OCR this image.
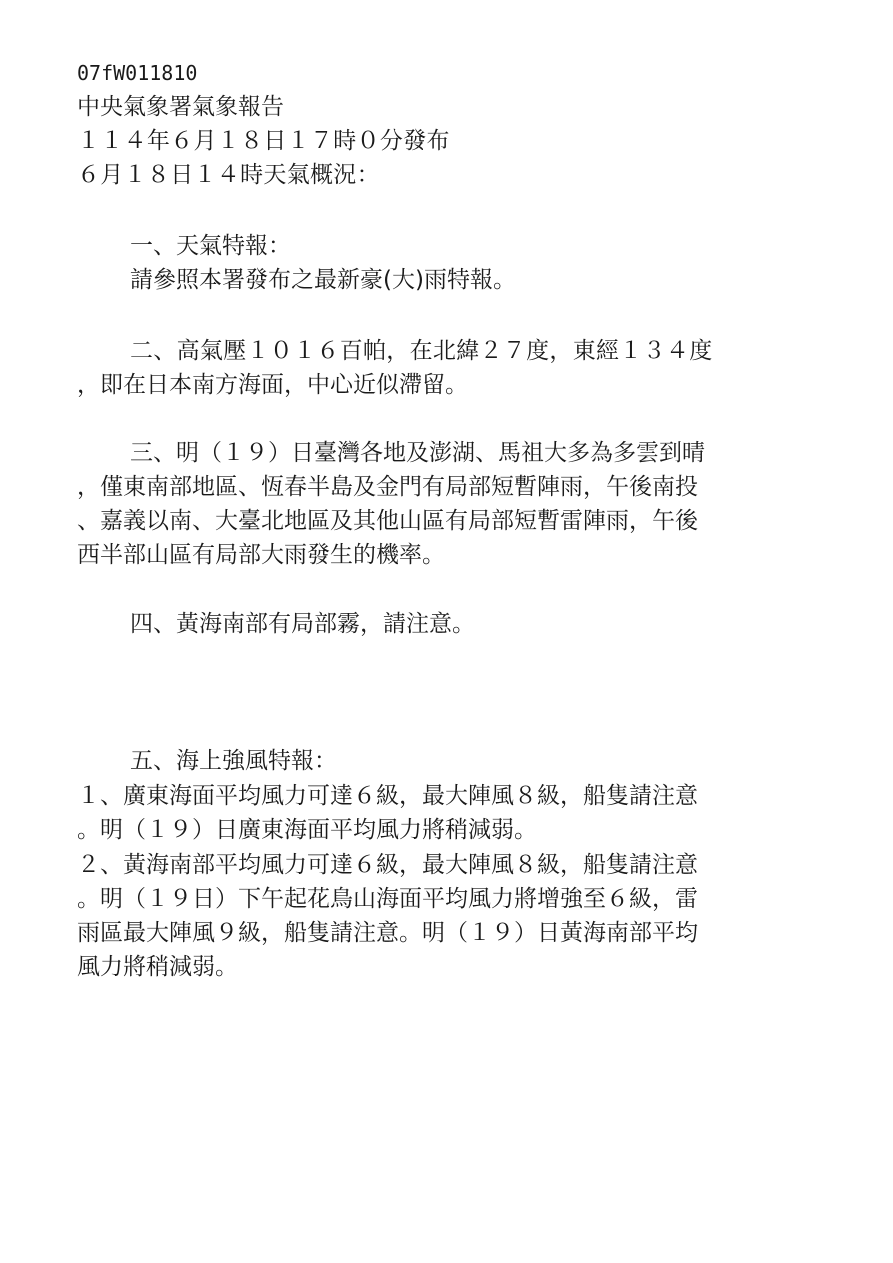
07fW011810
中央氣象署氣象報告
１１４年６月１８日１７時０分發布
６月１８日１４時天氣概況：
一、天氣特報：
請參照本署發布之最新豪(大)雨特報。
二、高氣壓１０１６百帕，在北緯２７度，東經１３４度
，即在日本南方海面，中心近似滯留。
三、明（１９）日臺灣各地及澎湖、馬祖大多為多雲到晴
，僅東南部地區、恆春半島及金門有局部短暫陣雨，午後南投
、嘉義以南、大臺北地區及其他山區有局部短暫雷陣雨，午後
西半部山區有局部大雨發生的機率。
四、黃海南部有局部霧，請注意。
五、海上強風特報：
１、廣東海面平均風力可達６級，最大陣風８級，船隻請注意
。明（１９）日廣東海面平均風力將稍減弱。
２、黃海南部平均風力可達６級，最大陣風８級，船隻請注意
。明（１９日）下午起花鳥山海面平均風力將增強至６級，雷
雨區最大陣風９級，船隻請注意。明（１９）日黃海南部平均
風力將稍減弱。
